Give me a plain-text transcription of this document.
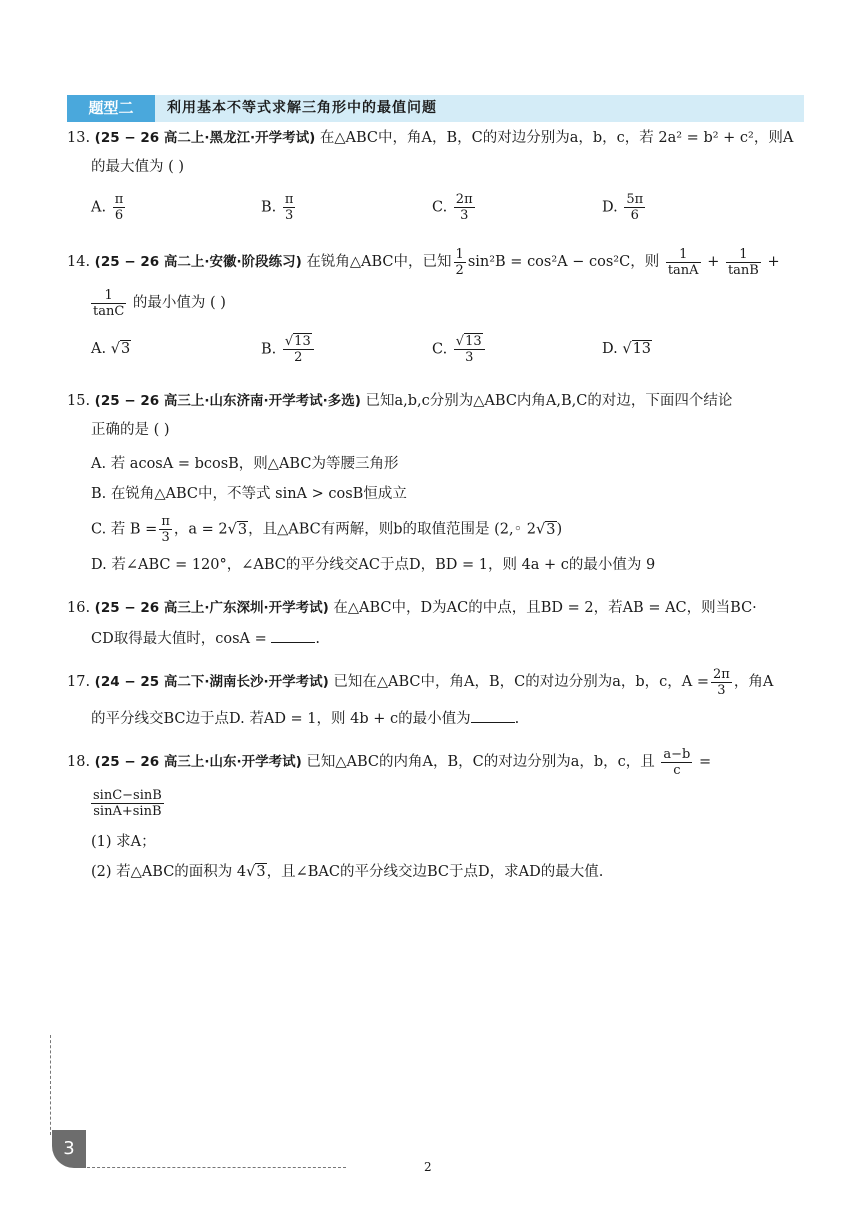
题型二	利用基本不等式求解三角形中的最值问题
13. (25 − 26 高二上·黑龙江·开学考试) 在△ABC中，角A，B，C的对边分别为a，b，c，若 2a² = b² + c²，则A
的最大值为 ( )
A. $\frac{\pi}{6}$	B. $\frac{\pi}{3}$	C. $\frac{2\pi}{3}$	D. $\frac{5\pi}{6}$
14. (25 − 26 高二上·安徽·阶段练习) 在锐角△ABC中，已知 $\frac{1}{2} \sin^2B = \cos^2A - \cos^2C$，则 $\frac{1}{\tan A} + \frac{1}{\tan B}$ +
$\frac{1}{\tan C}$ 的最小值为 ( )
A. √3	B. $\frac{√13}{2}$	C. $\frac{√13}{3}$	D. √13
15. (25 − 26 高三上·山东济南·开学考试·多选) 已知a,b,c分别为△ABC内角A,B,C的对边，下面四个结论
正确的是 ( )
A. 若 acosA = bcosB，则△ABC为等腰三角形
B. 在锐角△ABC中，不等式 sinA > cosB恒成立
C. 若 $B = \frac{\pi}{3}$ ，a = 2√3，且△ABC有两解，则b的取值范围是 (2,◦ 2√3)
D. 若∠ABC = 120°，∠ABC的平分线交AC于点D，BD = 1，则 4a + c的最小值为 9
16. (25 − 26 高三上·广东深圳·开学考试) 在△ABC中，D为AC的中点，且BD = 2，若AB = AC，则当BC·
CD取得最大值时，cosA =	.
17. (24 − 25 高二下·湖南长沙·开学考试) 已知在△ABC中，角A，B，C的对边分别为a，b，c，$A = \frac{2\pi}{3}$ ，角A
的平分线交BC边于点D. 若AD = 1，则 4b + c的最小值为	.
18. (25 − 26 高三上·山东·开学考试) 已知△ABC的内角A，B，C的对边分别为a，b，c，且 $\frac{a-b}{c}$ =
$\frac{\sin C-\sin B}{\sin A+\sin B}$
(1) 求A；
(2) 若△ABC的面积为 4√3，且∠BAC的平分线交边BC于点D，求AD的最大值.
3
2
